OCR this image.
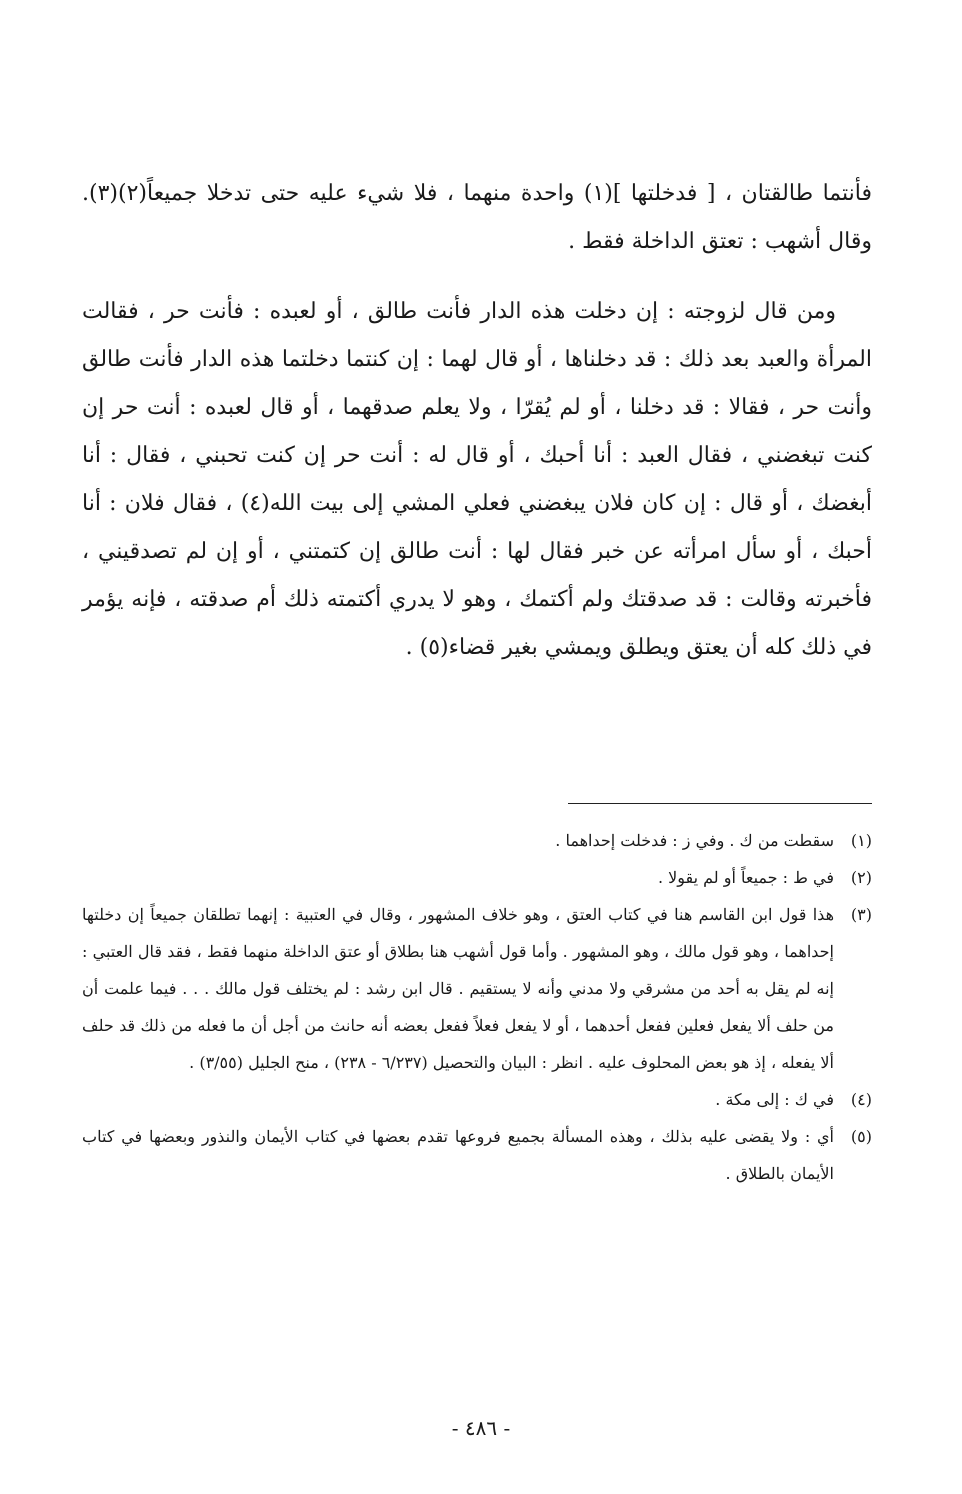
فأنتما طالقتان ، [ فدخلتها ](١) واحدة منهما ، فلا شيء عليه حتى تدخلا جميعاً(٢)(٣). وقال أشهب : تعتق الداخلة فقط .

ومن قال لزوجته : إن دخلت هذه الدار فأنت طالق ، أو لعبده : فأنت حر ، فقالت المرأة والعبد بعد ذلك : قد دخلناها ، أو قال لهما : إن كنتما دخلتما هذه الدار فأنت طالق وأنت حر ، فقالا : قد دخلنا ، أو لم يُقرّا ، ولا يعلم صدقهما ، أو قال لعبده : أنت حر إن كنت تبغضني ، فقال العبد : أنا أحبك ، أو قال له : أنت حر إن كنت تحبني ، فقال : أنا أبغضك ، أو قال : إن كان فلان يبغضني فعلي المشي إلى بيت الله(٤) ، فقال فلان : أنا أحبك ، أو سأل امرأته عن خبر فقال لها : أنت طالق إن كتمتني ، أو إن لم تصدقيني ، فأخبرته وقالت : قد صدقتك ولم أكتمك ، وهو لا يدري أكتمته ذلك أم صدقته ، فإنه يؤمر في ذلك كله أن يعتق ويطلق ويمشي بغير قضاء(٥) .

(١)
سقطت من ك . وفي ز : فدخلت إحداهما .
(٢)
في ط : جميعاً أو لم يقولا .
(٣)
هذا قول ابن القاسم هنا في كتاب العتق ، وهو خلاف المشهور ، وقال في العتبية : إنهما تطلقان جميعاً إن دخلتها إحداهما ، وهو قول مالك ، وهو المشهور . وأما قول أشهب هنا بطلاق أو عتق الداخلة منهما فقط ، فقد قال العتبي : إنه لم يقل به أحد من مشرقي ولا مدني وأنه لا يستقيم . قال ابن رشد : لم يختلف قول مالك . . . فيما علمت أن من حلف ألا يفعل فعلين ففعل أحدهما ، أو لا يفعل فعلاً ففعل بعضه أنه حانث من أجل أن ما فعله من ذلك قد حلف ألا يفعله ، إذ هو بعض المحلوف عليه . انظر : البيان والتحصيل (٦/٢٣٧ - ٢٣٨) ، منح الجليل (٣/٥٥) .
(٤)
في ك : إلى مكة .
(٥)
أي : ولا يقضى عليه بذلك ، وهذه المسألة بجميع فروعها تقدم بعضها في كتاب الأيمان والنذور وبعضها في كتاب الأيمان بالطلاق .
- ٤٨٦ -
